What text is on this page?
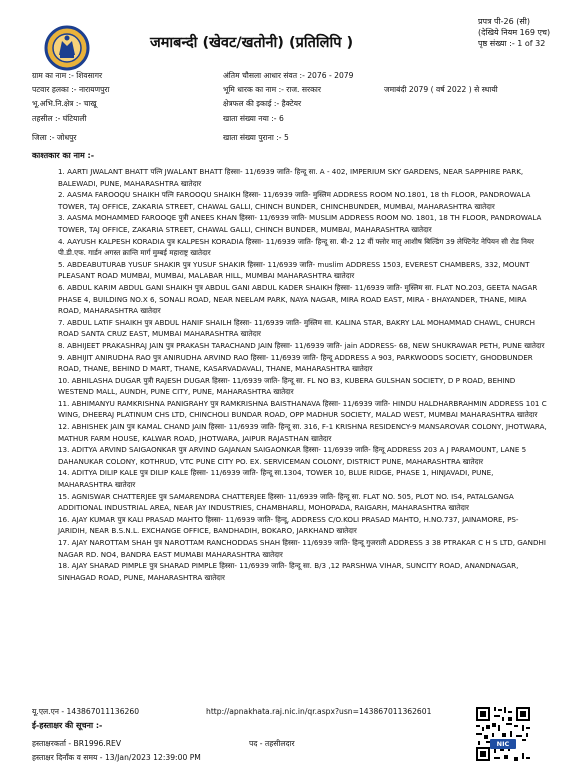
जमाबन्दी (खेवट/खतोनी) (प्रतिलिपि )
प्रपत्र पी-26 (सी)
(देखिये नियम 169 एच)
पृष्ठ संख्या :- 1 of 32
ग्राम का नाम :- शिवसागर	अंतिम चौसला आधार संवत :- 2076 - 2079
पटवार हलका :- नारायणपुरा	भूमि धारक का नाम :- राज. सरकार	जमाबंदी 2079 ( वर्ष 2022 ) से स्थायी
भू.अभि.नि.क्षेत्र :- चाखू	क्षेत्रफल की इकाई :- हैक्टेयर
तहसील :- घंटियाली	खाता संख्या नया :- 6
जिला :- जोधपुर	खाता संख्या पुराना :- 5
काश्तकार का नाम :-

1. AARTI JWALANT BHATT पत्नि JWALANT BHATT हिस्सा- 11/6939 जाति- हिन्दू सा. A - 402, IMPERIUM SKY GARDENS, NEAR SAPPHIRE PARK, BALEWADI, PUNE, MAHARASHTRA खातेदार

2. AASMA FAROOQU SHAIKH पत्नि FAROOQU SHAIKH हिस्सा- 11/6939 जाति- मुस्लिम ADDRESS ROOM NO.1801, 18 th FLOOR, PANDROWALA TOWER, TAJ OFFICE, ZAKARIA STREET, CHAWAL GALLI, CHINCH BUNDER, CHINCHBUNDER, MUMBAI, MAHARASHTRA खातेदार

3. AASMA MOHAMMED FAROOQE पुत्री ANEES KHAN हिस्सा- 11/6939 जाति- MUSLIM ADDRESS ROOM NO. 1801, 18 TH FLOOR, PANDROWALA TOWER, TAJ OFFICE, ZAKARIA STREET, CHAWAL GALLI, CHINCH BUNDER, MUMBAI, MAHARASHTRA खातेदार

4. AAYUSH KALPESH KORADIA पुत्र KALPESH KORADIA हिस्सा- 11/6939 जाति- हिन्दू सा. बी-2 12 वीं फ्लोर मातृ आशीष बिल्डिंग 39 लेफ्टिनेंट नेपियन सी रोड नियर पी.डी.एफ. गार्डन अगस्त क्रान्ति मार्ग मुम्बई महाराष्ट्र खातेदार

5. ABDEABUTURAB YUSUF SHAKIR पुत्र YUSUF SHAKIR हिस्सा- 11/6939 जाति- muslim ADDRESS 1503, EVEREST CHAMBERS, 332, MOUNT PLEASANT ROAD MUMBAI, MUMBAI, MALABAR HILL, MUMBAI MAHARASHTRA खातेदार

6. ABDUL KARIM ABDUL GANI SHAIKH पुत्र ABDUL GANI ABDUL KADER SHAIKH हिस्सा- 11/6939 जाति- मुस्लिम सा. FLAT NO.203, GEETA NAGAR PHASE 4, BUILDING NO.X 6, SONALI ROAD, NEAR NEELAM PARK, NAYA NAGAR, MIRA ROAD EAST, MIRA - BHAYANDER, THANE, MIRA ROAD, MAHARASHTRA खातेदार

7. ABDUL LATIF SHAIKH पुत्र ABDUL HANIF SHAILH हिस्सा- 11/6939 जाति- मुस्लिम सा. KALINA STAR, BAKRY LAL MOHAMMAD CHAWL, CHURCH ROAD SANTA CRUZ EAST, MUMBAI MAHARASHTRA खातेदार

8. ABHIJEET PRAKASHRAJ JAIN पुत्र PRAKASH TARACHAND JAIN हिस्सा- 11/6939 जाति- jain ADDRESS- 68, NEW SHUKRAWAR PETH, PUNE खातेदार

9. ABHIJIT ANIRUDHA RAO पुत्र ANIRUDHA ARVIND RAO हिस्सा- 11/6939 जाति- हिन्दू ADDRESS A 903, PARKWOODS SOCIETY, GHODBUNDER ROAD, THANE, BEHIND D MART, THANE, KASARVADAVALI, THANE, MAHARASHTRA खातेदार

10. ABHILASHA DUGAR पुत्री RAJESH DUGAR हिस्सा- 11/6939 जाति- हिन्दू सा. FL NO B3, KUBERA GULSHAN SOCIETY, D P ROAD, BEHIND WESTEND MALL, AUNDH, PUNE CITY, PUNE, MAHARASHTRA खातेदार

11. ABHIMANYU RAMKRISHNA PANIGRAHY पुत्र RAMKRISHNA BAISTHANAVA हिस्सा- 11/6939 जाति- HINDU HALDHARBRAHMIN ADDRESS 101 C WING, DHEERAJ PLATINUM CHS LTD, CHINCHOLI BUNDAR ROAD, OPP MADHUR SOCIETY, MALAD WEST, MUMBAI MAHARASHTRA खातेदार

12. ABHISHEK JAIN पुत्र KAMAL CHAND JAIN हिस्सा- 11/6939 जाति- हिन्दू सा. 316, F-1 KRISHNA RESIDENCY-9 MANSAROVAR COLONY, JHOTWARA, MATHUR FARM HOUSE, KALWAR ROAD, JHOTWARA, JAIPUR RAJASTHAN खातेदार

13. ADITYA ARVIND SAIGAONKAR पुत्र ARVIND GAJANAN SAIGAONKAR हिस्सा- 11/6939 जाति- हिन्दू ADDRESS 203 A J PARAMOUNT, LANE 5 DAHANUKAR COLONY, KOTHRUD, VTC PUNE CITY PO. EX. SERVICEMAN COLONY, DISTRICT PUNE, MAHARASHTRA खातेदार

14. ADITYA DILIP KALE पुत्र DILIP KALE हिस्सा- 11/6939 जाति- हिन्दू सा.1304, TOWER 10, BLUE RIDGE, PHASE 1, HINJAVADI, PUNE, MAHARASHTRA खातेदार

15. AGNISWAR CHATTERJEE पुत्र SAMARENDRA CHATTERJEE हिस्सा- 11/6939 जाति- हिन्दू सा. FLAT NO. 505, PLOT NO. IS4, PATALGANGA ADDITIONAL INDUSTRIAL AREA, NEAR JAY INDUSTRIES, CHAMBHARLI, MOHOPADA, RAIGARH, MAHARASHTRA खातेदार

16. AJAY KUMAR पुत्र KALI PRASAD MAHTO हिस्सा- 11/6939 जाति- हिन्दू, ADDRESS C/O.KOLI PRASAD MAHTO, H.NO.737, JAINAMORE, PS-JARIDIH, NEAR B.S.N.L. EXCHANGE OFFICE, BANDHADIH, BOKARO, JARKHAND खातेदार

17. AJAY NAROTTAM SHAH पुत्र NAROTTAM RANCHODDAS SHAH हिस्सा- 11/6939 जाति- हिन्दू गुजराती ADDRESS 3 38 PTRAKAR C H S LTD, GANDHI NAGAR RD. NO4, BANDRA EAST MUMABI MAHARASHTRA खातेदार

18. AJAY SHARAD PIMPLE पुत्र SHARAD PIMPLE हिस्सा- 11/6939 जाति- हिन्दू सा. B/3 ,12 PARSHWA VIHAR, SUNCITY ROAD, ANANDNAGAR, SINHAGAD ROAD, PUNE, MAHARASHTRA खातेदार

यू.एल.एन - 143867011136260	http://apnakhata.raj.nic.in/qr.aspx?usn=143867011362601
ई-हस्ताक्षर की सूचना :-
हस्ताक्षरकर्ता - BR1996.REV	पद - तहसीलदार
हस्ताक्षर दिनाँक व समय - 13/Jan/2023 12:39:00 PM
NIC
